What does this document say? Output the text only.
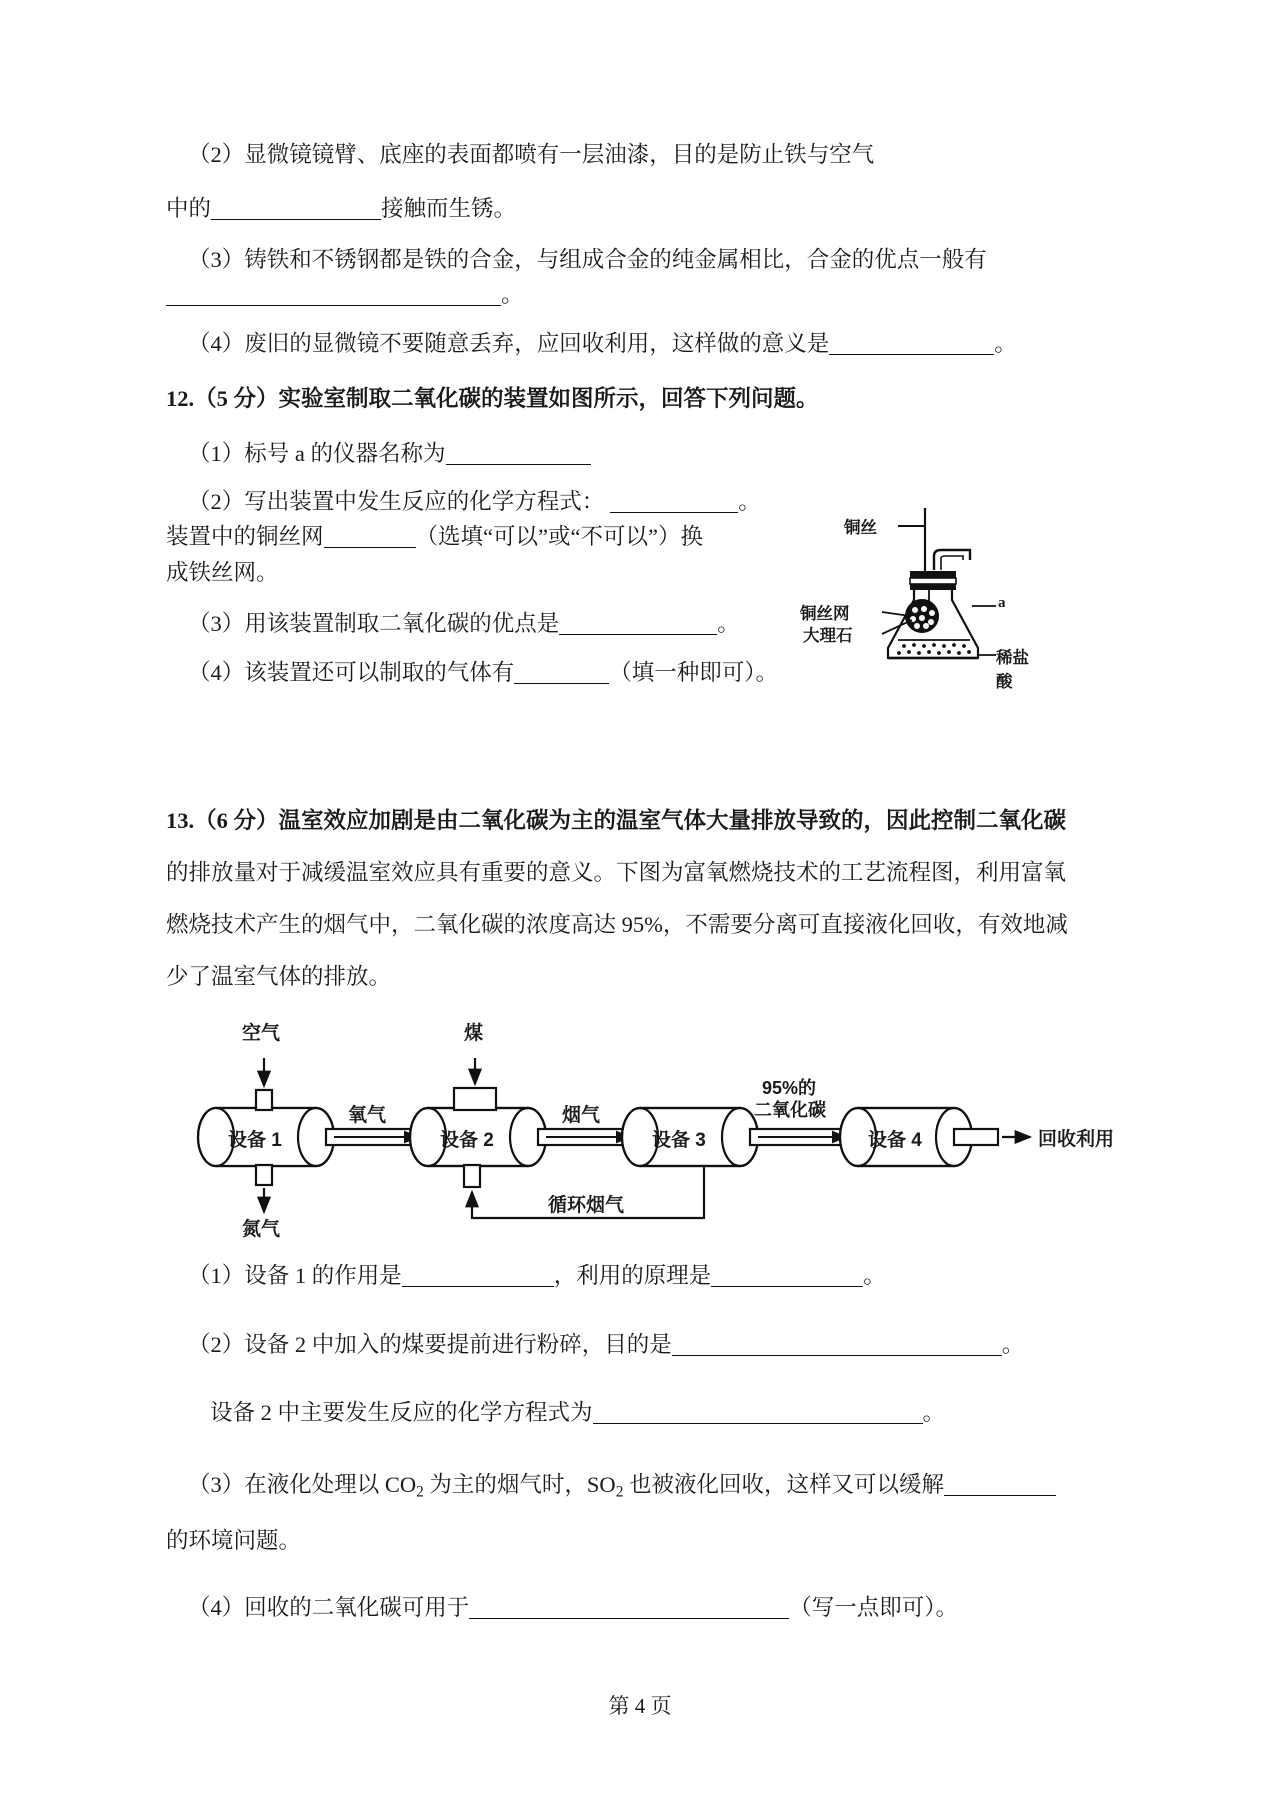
（2）显微镜镜臂、底座的表面都喷有一层油漆，目的是防止铁与空气
中的	接触而生锈。
（3）铸铁和不锈钢都是铁的合金，与组成合金的纯金属相比，合金的优点一般有
。
（4）废旧的显微镜不要随意丢弃，应回收利用，这样做的意义是	。
12.（5 分）实验室制取二氧化碳的装置如图所示，回答下列问题。
（1）标号 a 的仪器名称为
（2）写出装置中发生反应的化学方程式：	。
装置中的铜丝网	（选填“可以”或“不可以”）换
成铁丝网。
（3）用该装置制取二氧化碳的优点是	。
（4）该装置还可以制取的气体有	（填一种即可）。
铜丝
铜丝网
大理石
a
稀盐酸
13.（6 分）温室效应加剧是由二氧化碳为主的温室气体大量排放导致的，因此控制二氧化碳
的排放量对于减缓温室效应具有重要的意义。下图为富氧燃烧技术的工艺流程图，利用富氧
燃烧技术产生的烟气中，二氧化碳的浓度高达 95%，不需要分离可直接液化回收，有效地减
少了温室气体的排放。
空气	煤
氮气
设备 1	设备 2	设备 3	设备 4
氧气	烟气
95%的
二氧化碳
循环烟气
回收利用
（1）设备 1 的作用是	，利用的原理是	。
（2）设备 2 中加入的煤要提前进行粉碎，目的是	。
设备 2 中主要发生反应的化学方程式为	。
（3）在液化处理以 $CO_2$ 为主的烟气时，$SO_2$ 也被液化回收，这样又可以缓解
的环境问题。
（4）回收的二氧化碳可用于	（写一点即可）。
第 4 页
